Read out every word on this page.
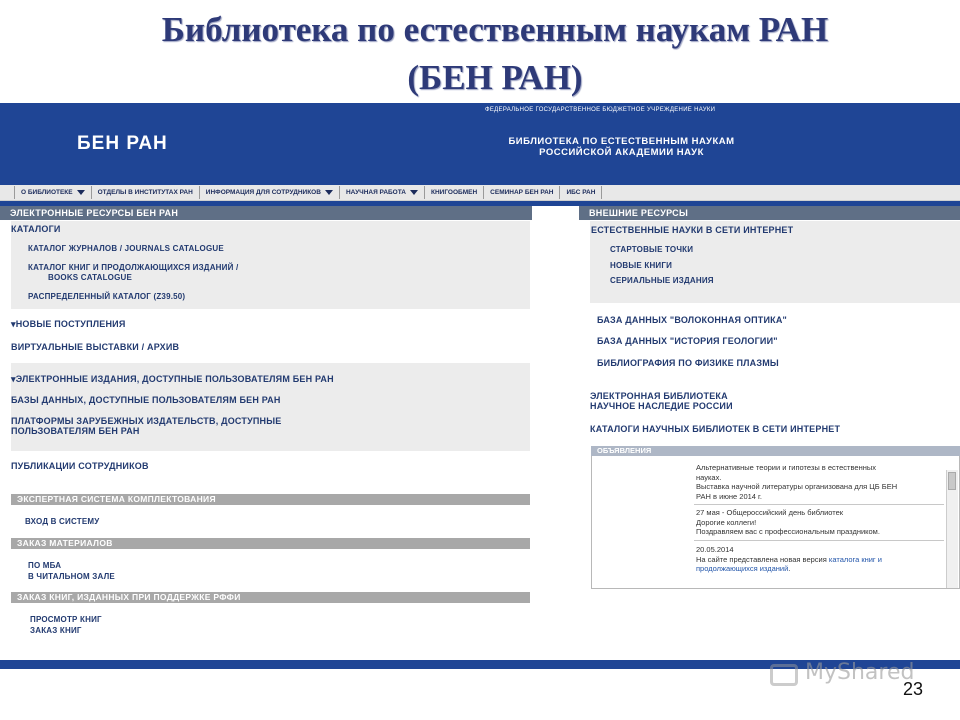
Библиотека по естественным наукам РАН
(БЕН РАН)
БЕН РАН
ФЕДЕРАЛЬНОЕ ГОСУДАРСТВЕННОЕ БЮДЖЕТНОЕ УЧРЕЖДЕНИЕ НАУКИ
БИБЛИОТЕКА ПО ЕСТЕСТВЕННЫМ НАУКАМ
РОССИЙСКОЙ АКАДЕМИИ НАУК
О БИБЛИОТЕКЕ	ОТДЕЛЫ В ИНСТИТУТАХ РАН ИНФОРМАЦИЯ ДЛЯ СОТРУДНИКОВ	НАУЧНАЯ РАБОТА	КНИГООБМЕН СЕМИНАР БЕН РАН ИБС РАН
ЭЛЕКТРОННЫЕ РЕСУРСЫ БЕН РАН	ВНЕШНИЕ РЕСУРСЫ
КАТАЛОГИ
КАТАЛОГ ЖУРНАЛОВ / JOURNALS CATALOGUE
КАТАЛОГ КНИГ И ПРОДОЛЖАЮЩИХСЯ ИЗДАНИЙ /
BOOKS CATALOGUE
РАСПРЕДЕЛЕННЫЙ КАТАЛОГ (Z39.50)
▾НОВЫЕ ПОСТУПЛЕНИЯ
ВИРТУАЛЬНЫЕ ВЫСТАВКИ / АРХИВ
▾ЭЛЕКТРОННЫЕ ИЗДАНИЯ, ДОСТУПНЫЕ ПОЛЬЗОВАТЕЛЯМ БЕН РАН
БАЗЫ ДАННЫХ, ДОСТУПНЫЕ ПОЛЬЗОВАТЕЛЯМ БЕН РАН
ПЛАТФОРМЫ ЗАРУБЕЖНЫХ ИЗДАТЕЛЬСТВ, ДОСТУПНЫЕ
ПОЛЬЗОВАТЕЛЯМ БЕН РАН
ПУБЛИКАЦИИ СОТРУДНИКОВ
ЭКСПЕРТНАЯ СИСТЕМА КОМПЛЕКТОВАНИЯ
ВХОД В СИСТЕМУ
ЗАКАЗ МАТЕРИАЛОВ
ПО МБА
В ЧИТАЛЬНОМ ЗАЛЕ
ЗАКАЗ КНИГ, ИЗДАННЫХ ПРИ ПОДДЕРЖКЕ РФФИ
ПРОСМОТР КНИГ
ЗАКАЗ КНИГ
ЕСТЕСТВЕННЫЕ НАУКИ В СЕТИ ИНТЕРНЕТ
СТАРТОВЫЕ ТОЧКИ
НОВЫЕ КНИГИ
СЕРИАЛЬНЫЕ ИЗДАНИЯ
БАЗА ДАННЫХ "ВОЛОКОННАЯ ОПТИКА"
БАЗА ДАННЫХ "ИСТОРИЯ ГЕОЛОГИИ"
БИБЛИОГРАФИЯ ПО ФИЗИКЕ ПЛАЗМЫ
ЭЛЕКТРОННАЯ БИБЛИОТЕКА
НАУЧНОЕ НАСЛЕДИЕ РОССИИ
КАТАЛОГИ НАУЧНЫХ БИБЛИОТЕК В СЕТИ ИНТЕРНЕТ
ОБЪЯВЛЕНИЯ
Альтернативные теории и гипотезы в естественных
науках.
Выставка научной литературы организована для ЦБ БЕН
РАН в июне 2014 г.
27 мая - Общероссийский день библиотек
Дорогие коллеги!
Поздравляем вас с профессиональным праздником.
20.05.2014
На сайте представлена новая версия каталога книг и
продолжающихся изданий.
MyShared
23
